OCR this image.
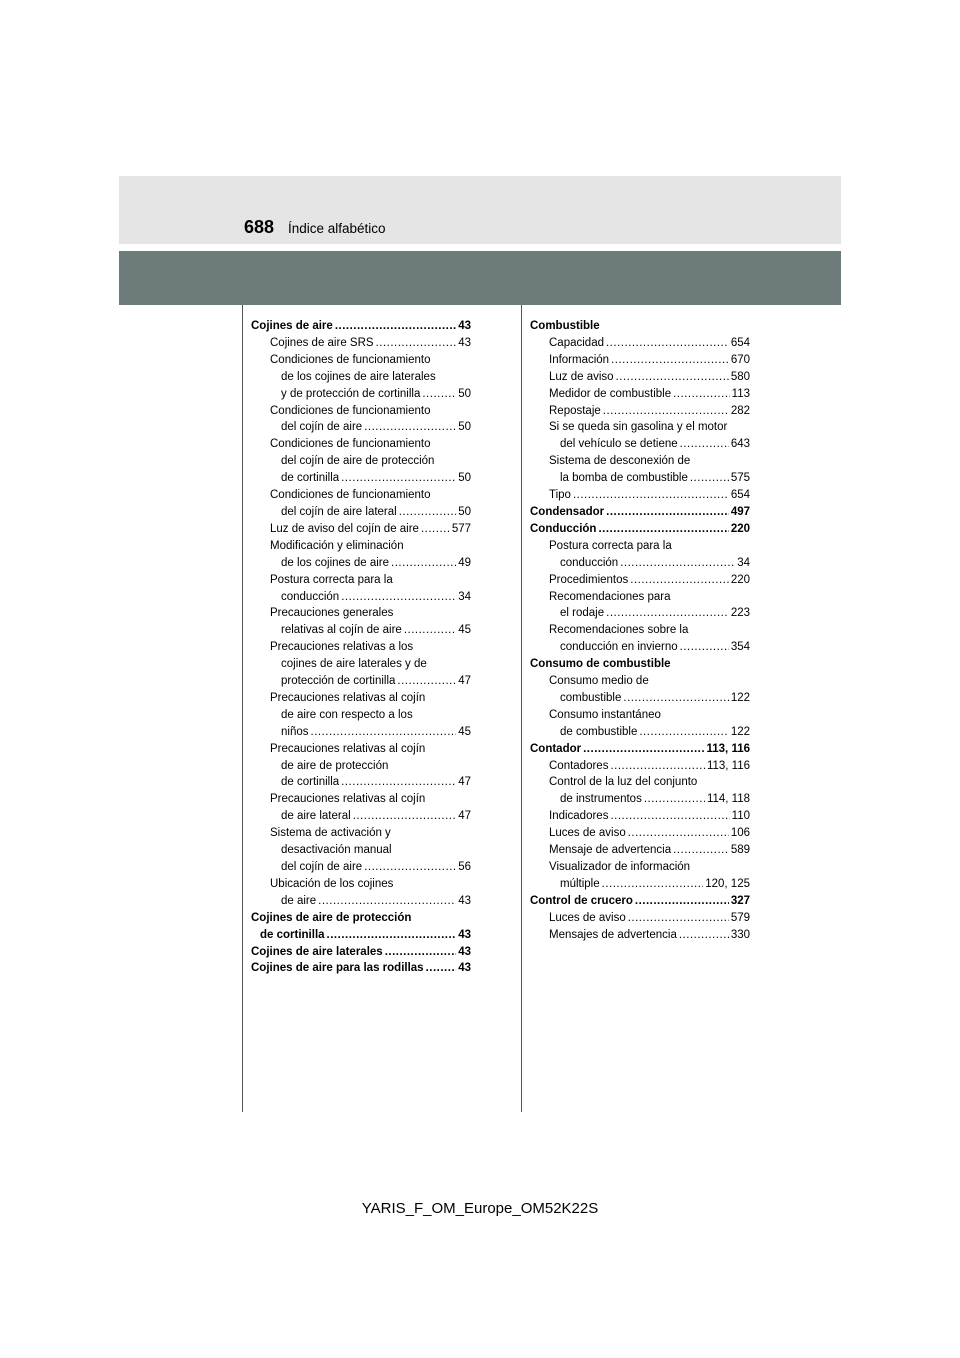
688 Índice alfabético
Cojines de aire .....	43
Cojines de aire SRS .....	43
Condiciones de funcionamiento
de los cojines de aire laterales
y de protección de cortinilla .....	50
Condiciones de funcionamiento
del cojín de aire .....	50
Condiciones de funcionamiento
del cojín de aire de protección
de cortinilla .....	50
Condiciones de funcionamiento
del cojín de aire lateral .....	50
Luz de aviso del cojín de aire .....	577
Modificación y eliminación
de los cojines de aire .....	49
Postura correcta para la
conducción .....	34
Precauciones generales
relativas al cojín de aire .....	45
Precauciones relativas a los
cojines de aire laterales y de
protección de cortinilla .....	47
Precauciones relativas al cojín
de aire con respecto a los
niños .....	45
Precauciones relativas al cojín
de aire de protección
de cortinilla .....	47
Precauciones relativas al cojín
de aire lateral .....	47
Sistema de activación y
desactivación manual
del cojín de aire .....	56
Ubicación de los cojines
de aire .....	43
Cojines de aire de protección
de cortinilla .....	43
Cojines de aire laterales .....	43
Cojines de aire para las rodillas .....	43
Combustible
Capacidad .....	654
Información .....	670
Luz de aviso .....	580
Medidor de combustible .....	113
Repostaje .....	282
Si se queda sin gasolina y el motor
del vehículo se detiene .....	643
Sistema de desconexión de
la bomba de combustible .....	575
Tipo .....	654
Condensador .....	497
Conducción .....	220
Postura correcta para la
conducción .....	34
Procedimientos .....	220
Recomendaciones para
el rodaje .....	223
Recomendaciones sobre la
conducción en invierno .....	354
Consumo de combustible
Consumo medio de
combustible .....	122
Consumo instantáneo
de combustible .....	122
Contador .....	113, 116
Contadores .....	113, 116
Control de la luz del conjunto
de instrumentos .....	114, 118
Indicadores .....	110
Luces de aviso .....	106
Mensaje de advertencia .....	589
Visualizador de información
múltiple .....	120, 125
Control de crucero .....	327
Luces de aviso .....	579
Mensajes de advertencia .....	330
YARIS_F_OM_Europe_OM52K22S
